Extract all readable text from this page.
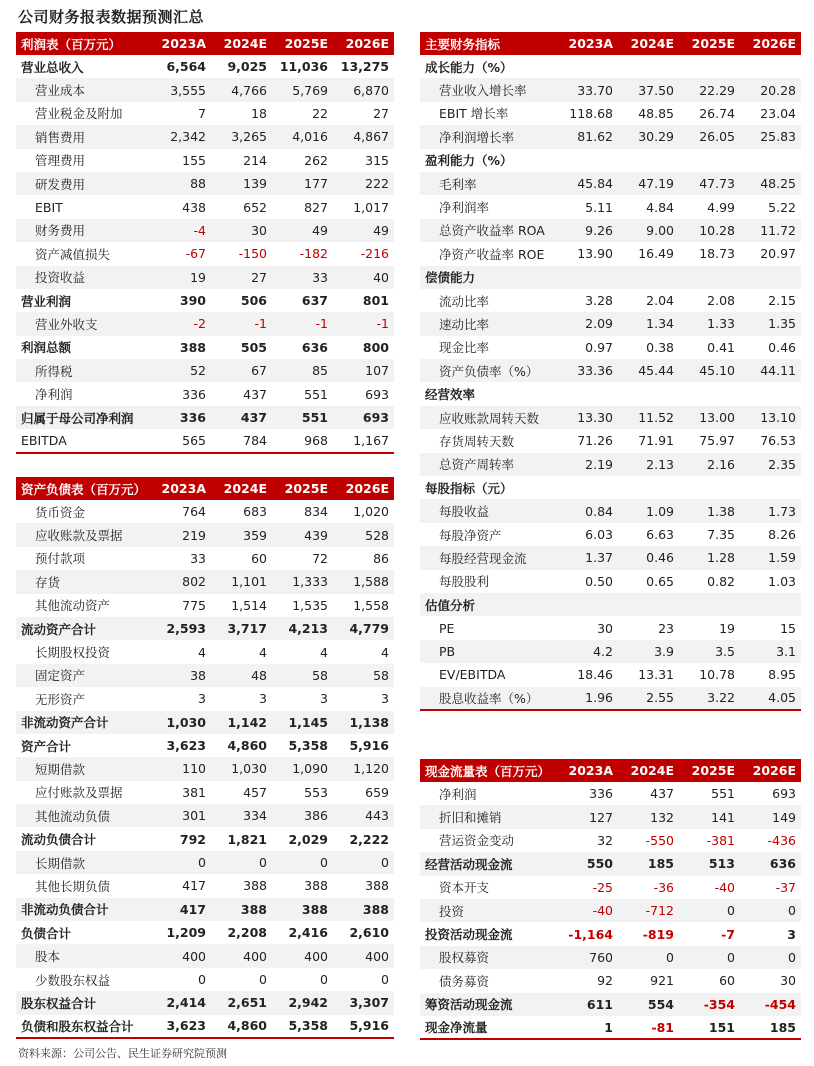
公司财务报表数据预测汇总
利润表（百万元）	2023A	2024E	2025E	2026E
营业总收入	6,564	9,025	11,036	13,275
营业成本	3,555	4,766	5,769	6,870
营业税金及附加	7	18	22	27
销售费用	2,342	3,265	4,016	4,867
管理费用	155	214	262	315
研发费用	88	139	177	222
EBIT	438	652	827	1,017
财务费用	-4	30	49	49
资产减值损失	-67	-150	-182	-216
投资收益	19	27	33	40
营业利润	390	506	637	801
营业外收支	-2	-1	-1	-1
利润总额	388	505	636	800
所得税	52	67	85	107
净利润	336	437	551	693
归属于母公司净利润	336	437	551	693
EBITDA	565	784	968	1,167
主要财务指标	2023A	2024E	2025E	2026E
成长能力（%）				
营业收入增长率	33.70	37.50	22.29	20.28
EBIT 增长率	118.68	48.85	26.74	23.04
净利润增长率	81.62	30.29	26.05	25.83
盈利能力（%）				
毛利率	45.84	47.19	47.73	48.25
净利润率	5.11	4.84	4.99	5.22
总资产收益率 ROA	9.26	9.00	10.28	11.72
净资产收益率 ROE	13.90	16.49	18.73	20.97
偿债能力				
流动比率	3.28	2.04	2.08	2.15
速动比率	2.09	1.34	1.33	1.35
现金比率	0.97	0.38	0.41	0.46
资产负债率（%）	33.36	45.44	45.10	44.11
经营效率				
应收账款周转天数	13.30	11.52	13.00	13.10
存货周转天数	71.26	71.91	75.97	76.53
总资产周转率	2.19	2.13	2.16	2.35
每股指标（元）				
每股收益	0.84	1.09	1.38	1.73
每股净资产	6.03	6.63	7.35	8.26
每股经营现金流	1.37	0.46	1.28	1.59
每股股利	0.50	0.65	0.82	1.03
估值分析				
PE	30	23	19	15
PB	4.2	3.9	3.5	3.1
EV/EBITDA	18.46	13.31	10.78	8.95
股息收益率（%）	1.96	2.55	3.22	4.05
资产负债表（百万元）	2023A	2024E	2025E	2026E
货币资金	764	683	834	1,020
应收账款及票据	219	359	439	528
预付款项	33	60	72	86
存货	802	1,101	1,333	1,588
其他流动资产	775	1,514	1,535	1,558
流动资产合计	2,593	3,717	4,213	4,779
长期股权投资	4	4	4	4
固定资产	38	48	58	58
无形资产	3	3	3	3
非流动资产合计	1,030	1,142	1,145	1,138
资产合计	3,623	4,860	5,358	5,916
短期借款	110	1,030	1,090	1,120
应付账款及票据	381	457	553	659
其他流动负债	301	334	386	443
流动负债合计	792	1,821	2,029	2,222
长期借款	0	0	0	0
其他长期负债	417	388	388	388
非流动负债合计	417	388	388	388
负债合计	1,209	2,208	2,416	2,610
股本	400	400	400	400
少数股东权益	0	0	0	0
股东权益合计	2,414	2,651	2,942	3,307
负债和股东权益合计	3,623	4,860	5,358	5,916
现金流量表（百万元）	2023A	2024E	2025E	2026E
净利润	336	437	551	693
折旧和摊销	127	132	141	149
营运资金变动	32	-550	-381	-436
经营活动现金流	550	185	513	636
资本开支	-25	-36	-40	-37
投资	-40	-712	0	0
投资活动现金流	-1,164	-819	-7	3
股权募资	760	0	0	0
债务募资	92	921	60	30
筹资活动现金流	611	554	-354	-454
现金净流量	1	-81	151	185
资料来源：公司公告、民生证券研究院预测
